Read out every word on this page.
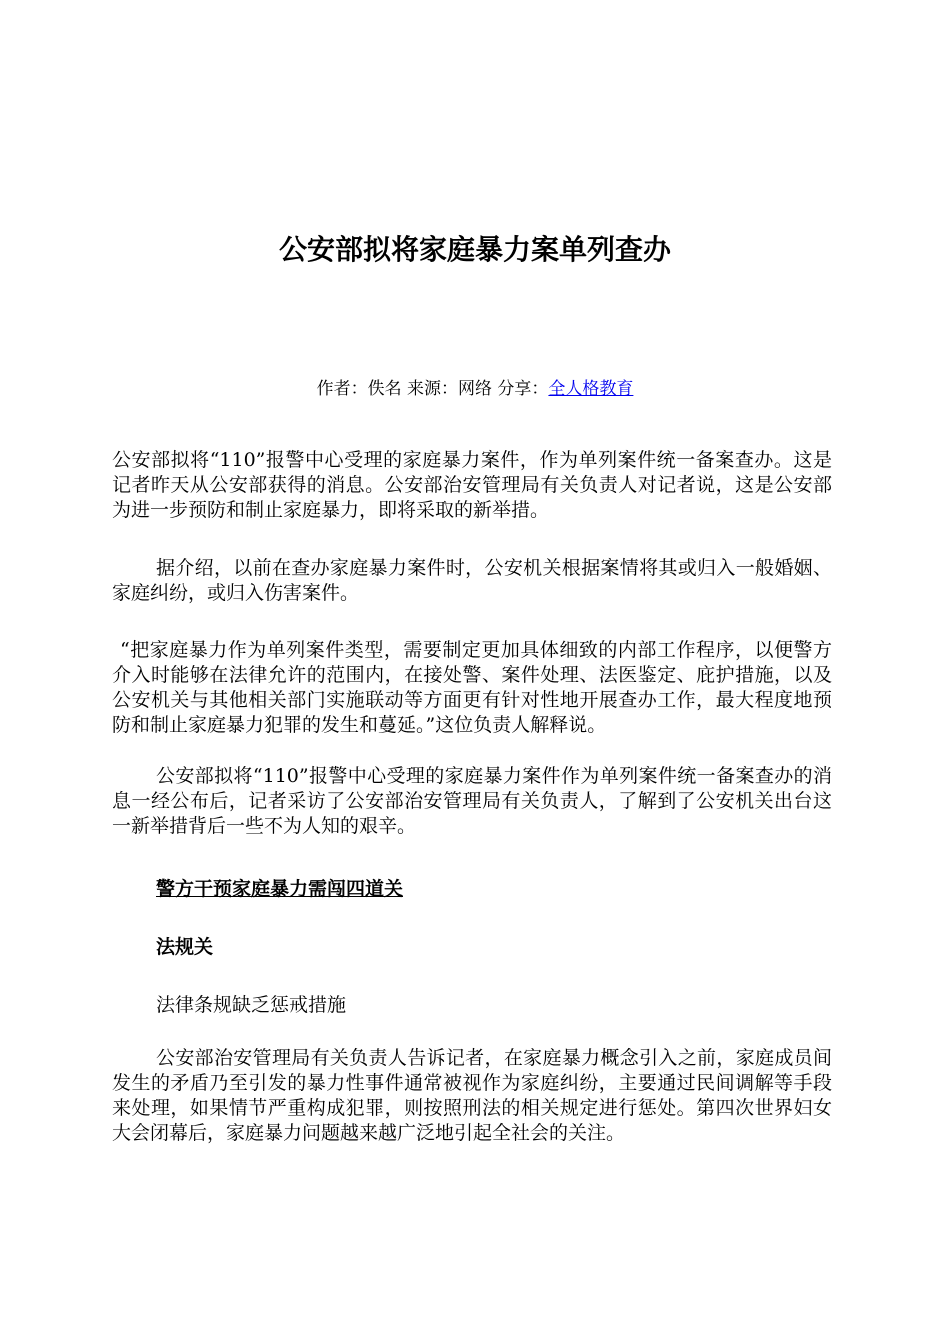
公安部拟将家庭暴力案单列查办
作者：佚名 来源：网络 分享：全人格教育

公安部拟将“110”报警中心受理的家庭暴力案件，作为单列案件统一备案查办。这是记者昨天从公安部获得的消息。公安部治安管理局有关负责人对记者说，这是公安部为进一步预防和制止家庭暴力，即将采取的新举措。

据介绍，以前在查办家庭暴力案件时，公安机关根据案情将其或归入一般婚姻、家庭纠纷，或归入伤害案件。

“把家庭暴力作为单列案件类型，需要制定更加具体细致的内部工作程序，以便警方介入时能够在法律允许的范围内，在接处警、案件处理、法医鉴定、庇护措施，以及公安机关与其他相关部门实施联动等方面更有针对性地开展查办工作，最大程度地预防和制止家庭暴力犯罪的发生和蔓延。”这位负责人解释说。

公安部拟将“110”报警中心受理的家庭暴力案件作为单列案件统一备案查办的消息一经公布后，记者采访了公安部治安管理局有关负责人，了解到了公安机关出台这一新举措背后一些不为人知的艰辛。

警方干预家庭暴力需闯四道关
法规关
法律条规缺乏惩戒措施

公安部治安管理局有关负责人告诉记者，在家庭暴力概念引入之前，家庭成员间发生的矛盾乃至引发的暴力性事件通常被视作为家庭纠纷，主要通过民间调解等手段来处理，如果情节严重构成犯罪，则按照刑法的相关规定进行惩处。第四次世界妇女大会闭幕后，家庭暴力问题越来越广泛地引起全社会的关注。
